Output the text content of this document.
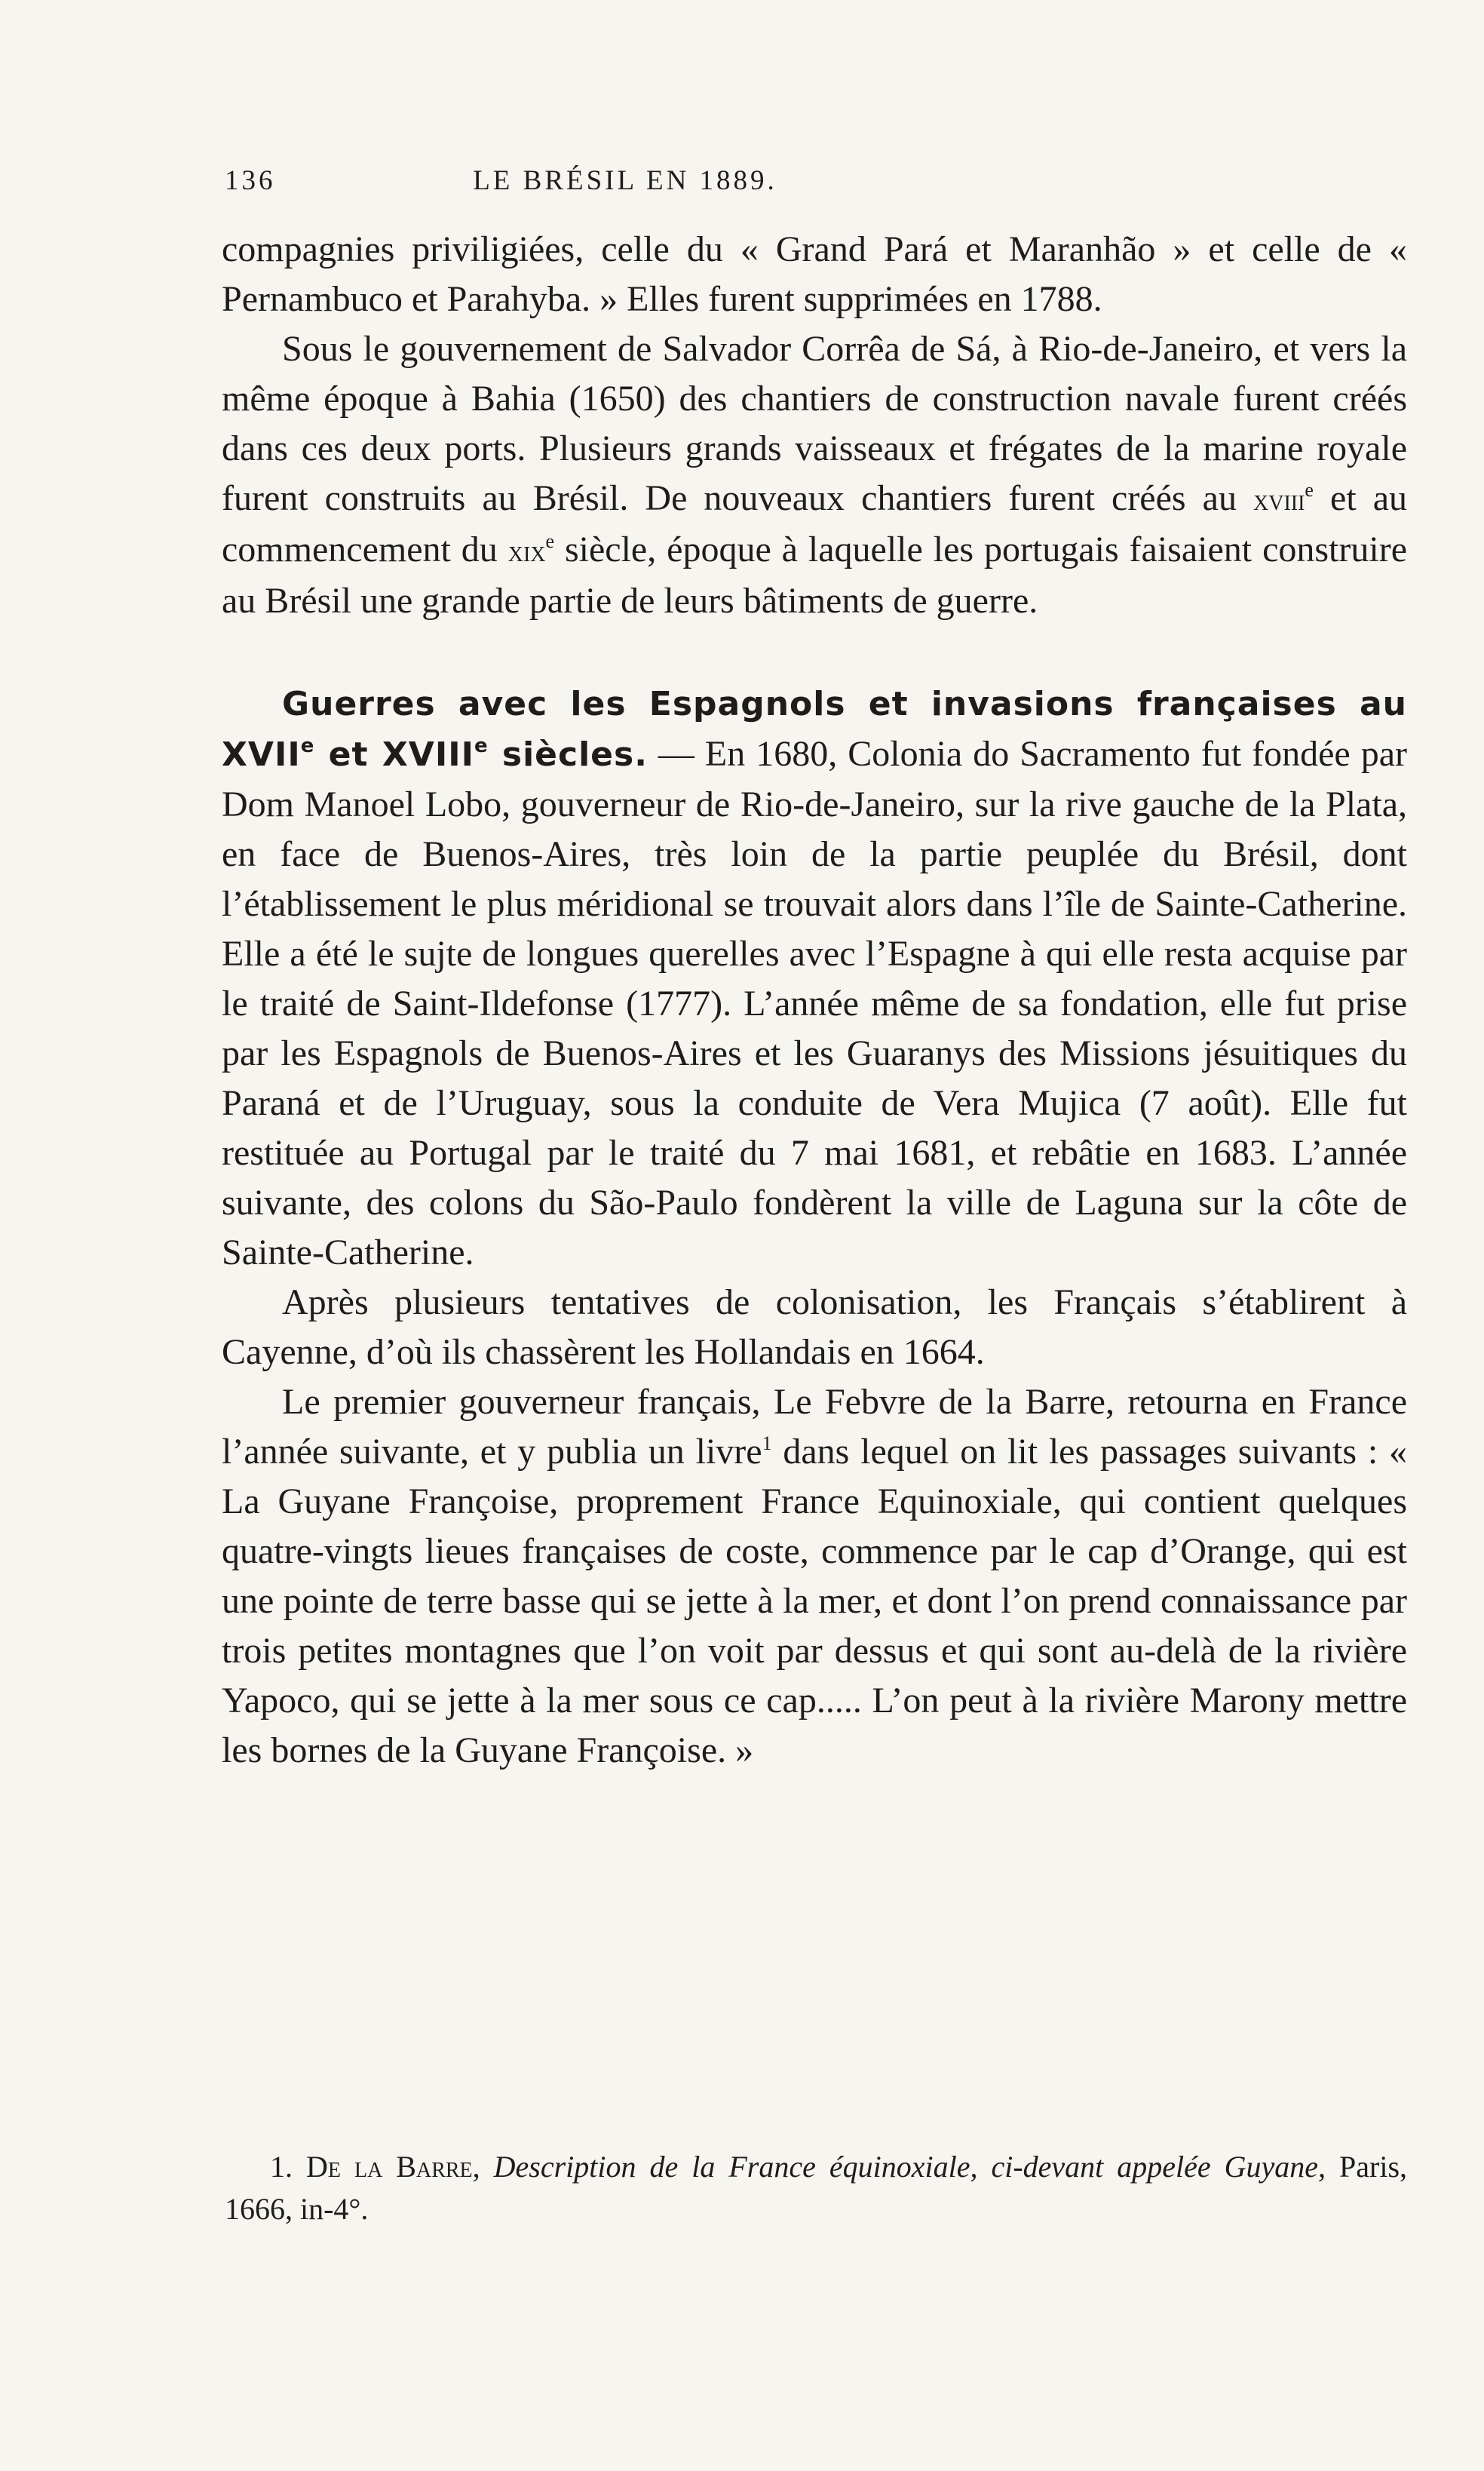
136	LE BRÉSIL EN 1889.

compagnies priviligiées, celle du « Grand Pará et Maranhão » et celle de « Pernambuco et Parahyba. » Elles furent supprimées en 1788.

Sous le gouvernement de Salvador Corrêa de Sá, à Rio-de-Janeiro, et vers la même époque à Bahia (1650) des chantiers de construction navale furent créés dans ces deux ports. Plusieurs grands vaisseaux et frégates de la marine royale furent construits au Brésil. De nouveaux chantiers furent créés au xviii$^e$ et au commencement du xix$^e$ siècle, époque à laquelle les portugais faisaient construire au Brésil une grande partie de leurs bâtiments de guerre.

Guerres avec les Espagnols et invasions françaises au XVIIe et XVIIIe siècles. — En 1680, Colonia do Sacramento fut fondée par Dom Manoel Lobo, gouverneur de Rio-de-Janeiro, sur la rive gauche de la Plata, en face de Buenos-Aires, très loin de la partie peuplée du Brésil, dont l’établissement le plus méridional se trouvait alors dans l’île de Sainte-Catherine. Elle a été le sujte de longues querelles avec l’Espagne à qui elle resta acquise par le traité de Saint-Ildefonse (1777). L’année même de sa fondation, elle fut prise par les Espagnols de Buenos-Aires et les Guaranys des Missions jésuitiques du Paraná et de l’Uruguay, sous la conduite de Vera Mujica (7 août). Elle fut restituée au Portugal par le traité du 7 mai 1681, et rebâtie en 1683. L’année suivante, des colons du São-Paulo fondèrent la ville de Laguna sur la côte de Sainte-Catherine.

Après plusieurs tentatives de colonisation, les Français s’établirent à Cayenne, d’où ils chassèrent les Hollandais en 1664.

Le premier gouverneur français, Le Febvre de la Barre, retourna en France l’année suivante, et y publia un livre$^1$ dans lequel on lit les passages suivants : « La Guyane Françoise, proprement France Equinoxiale, qui contient quelques quatre-vingts lieues françaises de coste, commence par le cap d’Orange, qui est une pointe de terre basse qui se jette à la mer, et dont l’on prend connaissance par trois petites montagnes que l’on voit par dessus et qui sont au-delà de la rivière Yapoco, qui se jette à la mer sous ce cap..... L’on peut à la rivière Marony mettre les bornes de la Guyane Françoise. »

1. De la Barre, Description de la France équinoxiale, ci-devant appelée Guyane, Paris, 1666, in-4°.
